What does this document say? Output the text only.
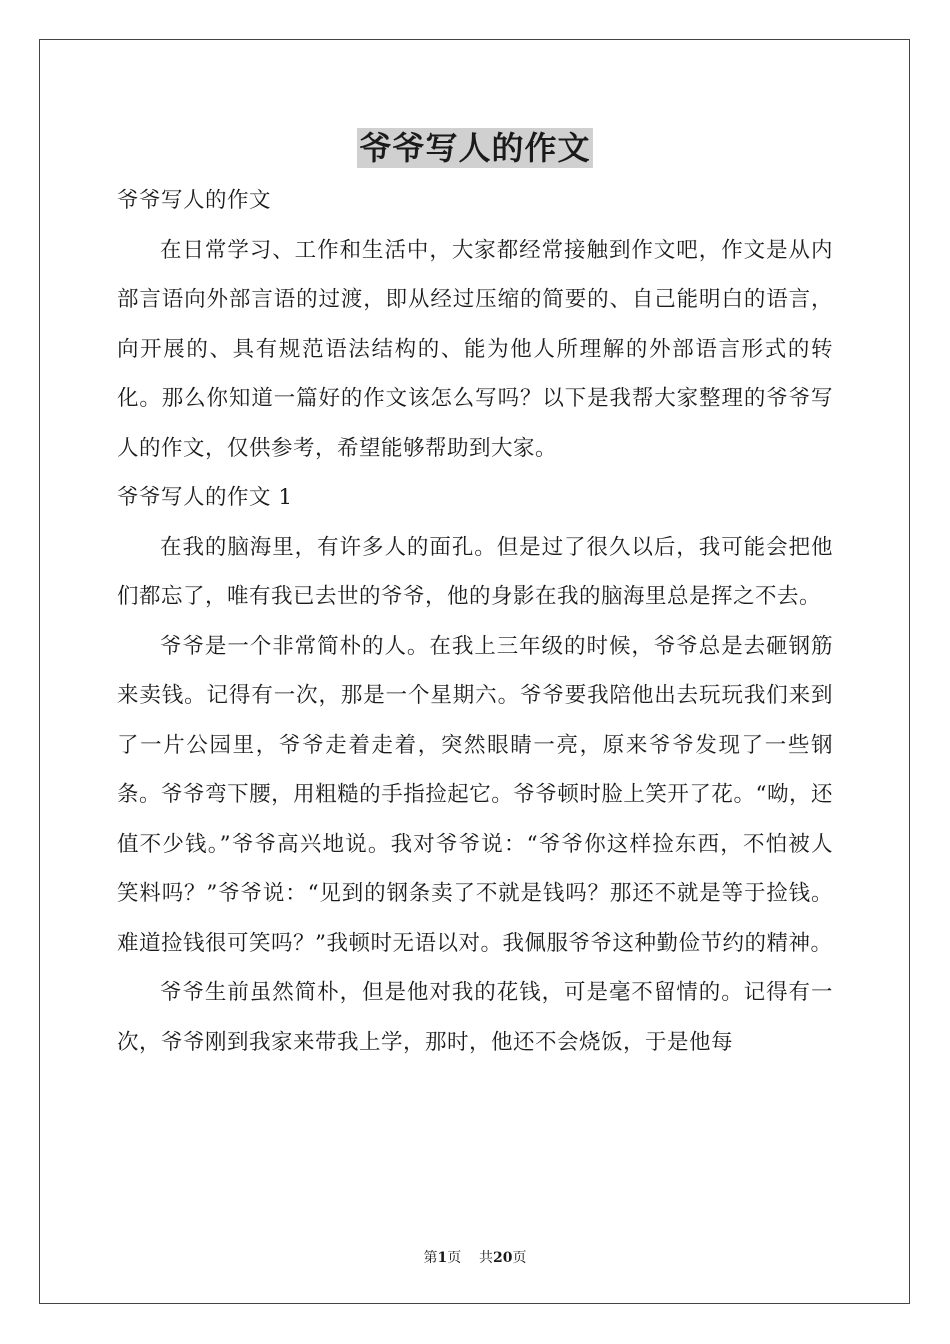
爷爷写人的作文
爷爷写人的作文
在日常学习、工作和生活中，大家都经常接触到作文吧，作文是从内部言语向外部言语的过渡，即从经过压缩的简要的、自己能明白的语言，向开展的、具有规范语法结构的、能为他人所理解的外部语言形式的转化。那么你知道一篇好的作文该怎么写吗？以下是我帮大家整理的爷爷写人的作文，仅供参考，希望能够帮助到大家。
爷爷写人的作文 1
在我的脑海里，有许多人的面孔。但是过了很久以后，我可能会把他们都忘了，唯有我已去世的爷爷，他的身影在我的脑海里总是挥之不去。
爷爷是一个非常简朴的人。在我上三年级的时候，爷爷总是去砸钢筋来卖钱。记得有一次，那是一个星期六。爷爷要我陪他出去玩玩我们来到了一片公园里，爷爷走着走着，突然眼睛一亮，原来爷爷发现了一些钢条。爷爷弯下腰，用粗糙的手指捡起它。爷爷顿时脸上笑开了花。“呦，还值不少钱。”爷爷高兴地说。我对爷爷说：“爷爷你这样捡东西，不怕被人笑料吗？”爷爷说：“见到的钢条卖了不就是钱吗？那还不就是等于捡钱。难道捡钱很可笑吗？”我顿时无语以对。我佩服爷爷这种勤俭节约的精神。
爷爷生前虽然简朴，但是他对我的花钱，可是毫不留情的。记得有一次，爷爷刚到我家来带我上学，那时，他还不会烧饭，于是他每
第1页 共20页
